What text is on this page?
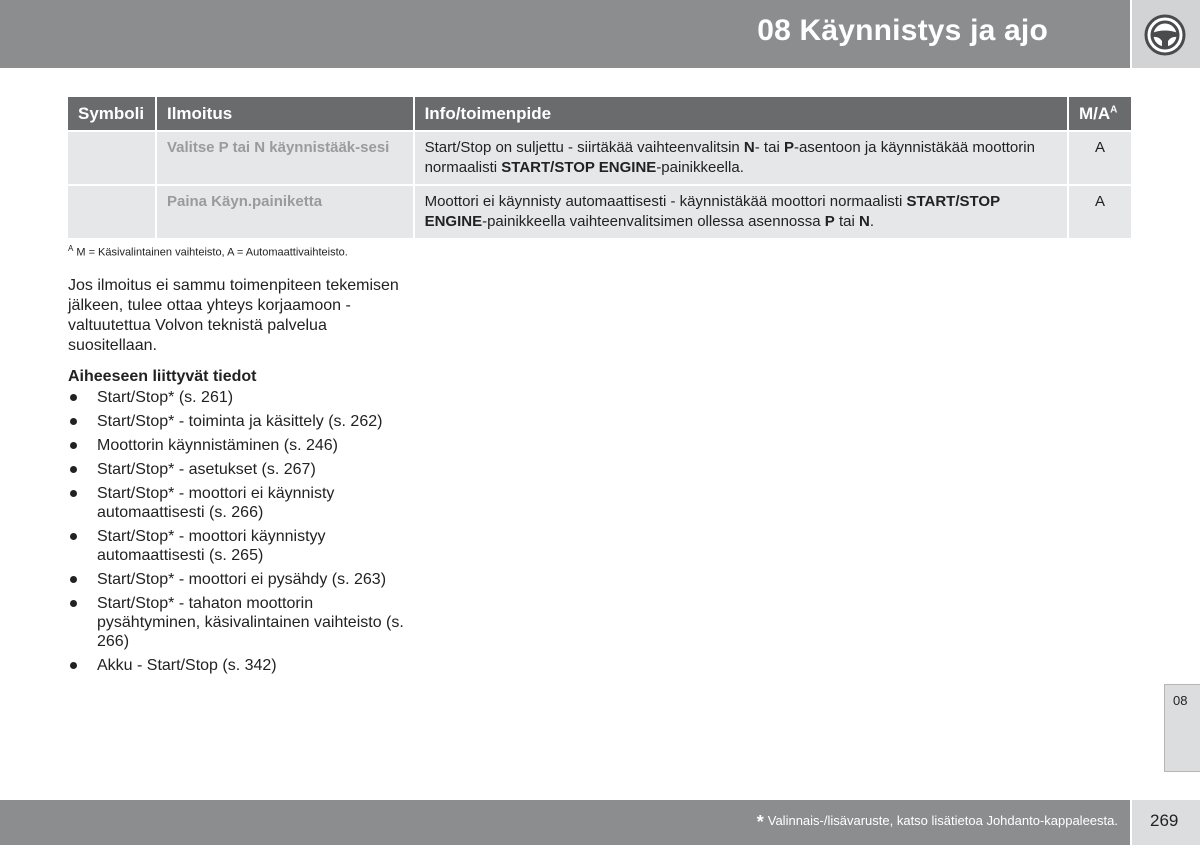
08 Käynnistys ja ajo
Symboli	Ilmoitus	Info/toimenpide	$M/A^A$
	Valitse P tai N käynnistääk-sesi	Start/Stop on suljettu - siirtäkää vaihteenvalitsin N- tai P-asentoon ja käynnistäkää moottorin normaalisti START/STOP ENGINE-painikkeella.	A
	Paina Käyn.painiketta	Moottori ei käynnisty automaattisesti - käynnistäkää moottori normaalisti START/STOP ENGINE-painikkeella vaihteenvalitsimen ollessa asennossa P tai N.	A
$^A$ M = Käsivalintainen vaihteisto, A = Automaattivaihteisto.
Jos ilmoitus ei sammu toimenpiteen tekemisen jälkeen, tulee ottaa yhteys korjaamoon - valtuutettua Volvon teknistä palvelua suositellaan.
Aiheeseen liittyvät tiedot
Start/Stop* (s. 261)
Start/Stop* - toiminta ja käsittely (s. 262)
Moottorin käynnistäminen (s. 246)
Start/Stop* - asetukset (s. 267)
Start/Stop* - moottori ei käynnisty automaattisesti (s. 266)
Start/Stop* - moottori käynnistyy automaattisesti (s. 265)
Start/Stop* - moottori ei pysähdy (s. 263)
Start/Stop* - tahaton moottorin pysähtyminen, käsivalintainen vaihteisto (s. 266)
Akku - Start/Stop (s. 342)
08
* Valinnais-/lisävaruste, katso lisätietoa Johdanto-kappaleesta. 269
